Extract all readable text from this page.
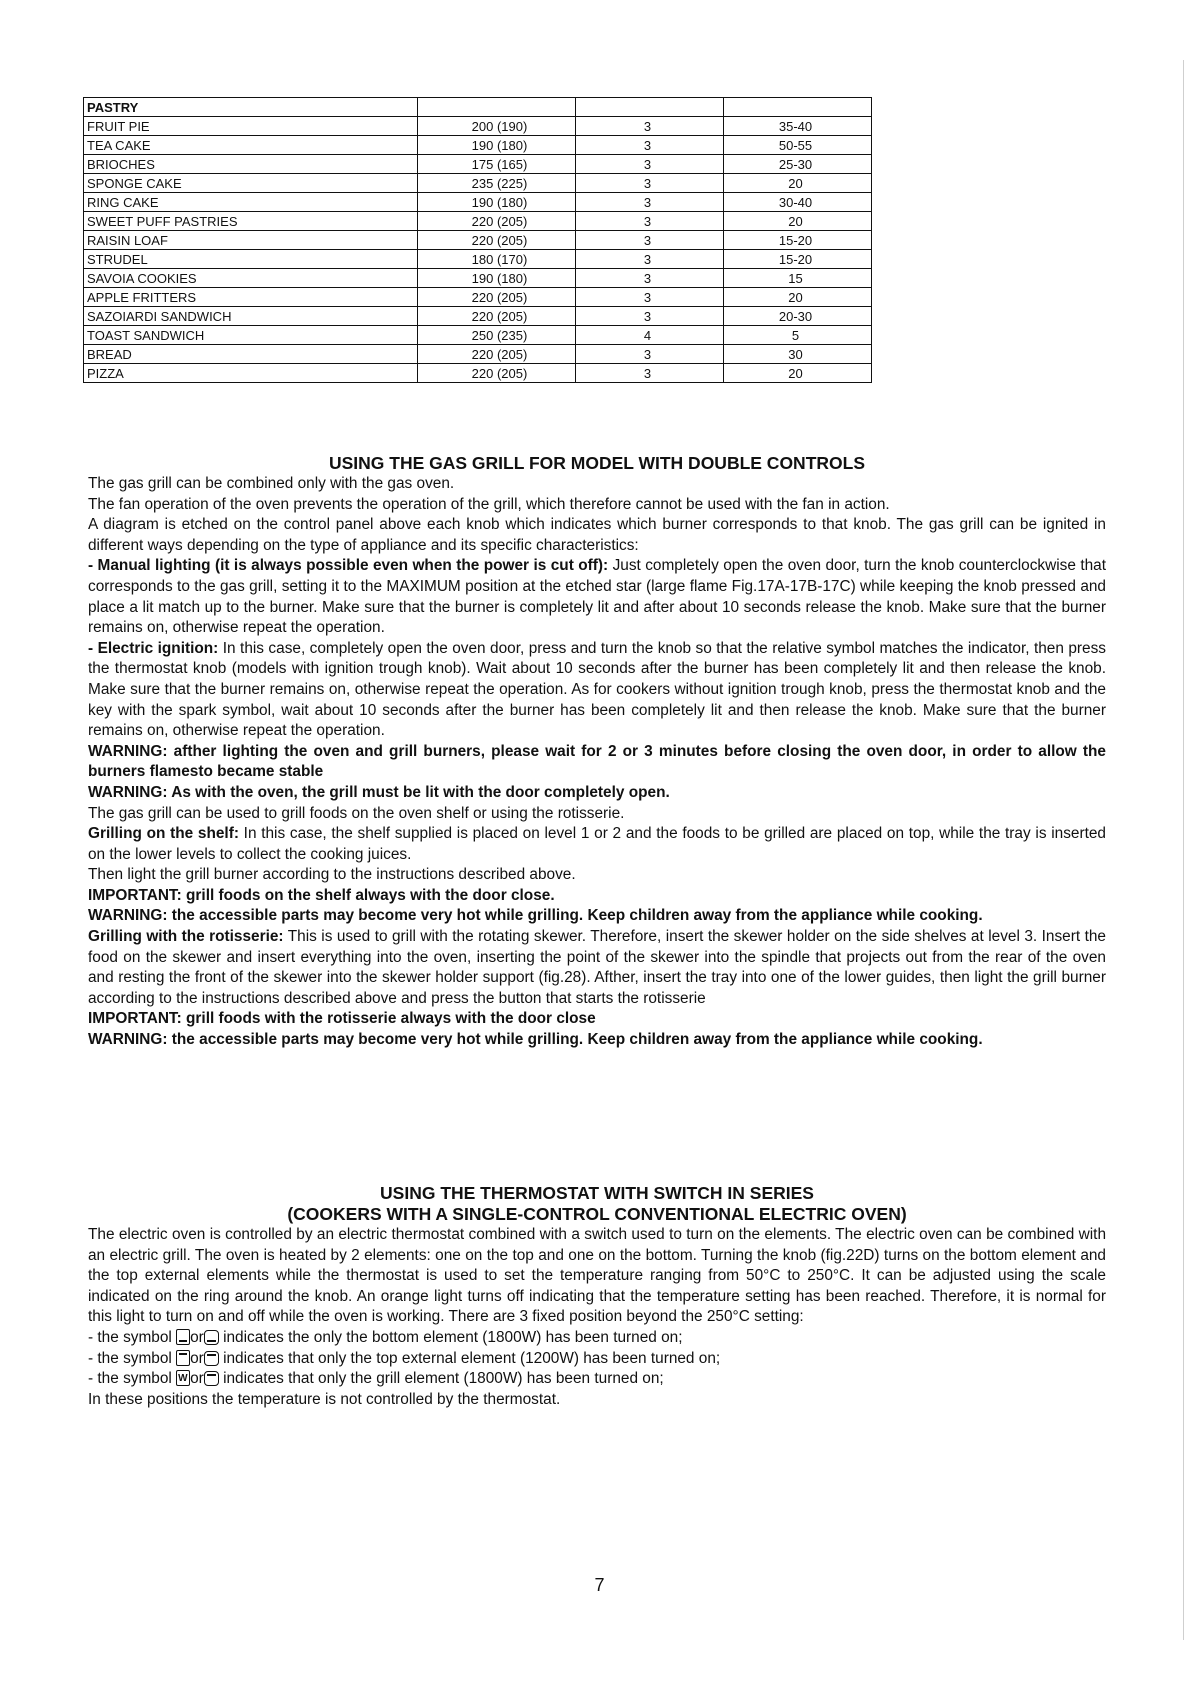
PASTRY			
FRUIT PIE	200 (190)	3	35-40
TEA CAKE	190 (180)	3	50-55
BRIOCHES	175 (165)	3	25-30
SPONGE CAKE	235 (225)	3	20
RING CAKE	190 (180)	3	30-40
SWEET PUFF PASTRIES	220 (205)	3	20
RAISIN LOAF	220 (205)	3	15-20
STRUDEL	180 (170)	3	15-20
SAVOIA COOKIES	190 (180)	3	15
APPLE FRITTERS	220 (205)	3	20
SAZOIARDI SANDWICH	220 (205)	3	20-30
TOAST SANDWICH	250 (235)	4	5
BREAD	220 (205)	3	30
PIZZA	220 (205)	3	20
USING THE GAS GRILL FOR MODEL WITH DOUBLE CONTROLS

The gas grill can be combined only with the gas oven.

The fan operation of the oven prevents the operation of the grill, which therefore cannot be used with the fan in action.

A diagram is etched on the control panel above each knob which indicates which burner corresponds to that knob. The gas grill can be ignited in different ways depending on the type of appliance and its specific characteristics:

- Manual lighting (it is always possible even when the power is cut off): Just completely open the oven door, turn the knob counterclockwise that corresponds to the gas grill, setting it to the MAXIMUM position at the etched star (large flame Fig.17A-17B-17C) while keeping the knob pressed and place a lit match up to the burner. Make sure that the burner is completely lit and after about 10 seconds release the knob. Make sure that the burner remains on, otherwise repeat the operation.

- Electric ignition: In this case, completely open the oven door, press and turn the knob so that the relative symbol matches the indicator, then press the thermostat knob (models with ignition trough knob). Wait about 10 seconds after the burner has been completely lit and then release the knob. Make sure that the burner remains on, otherwise repeat the operation. As for cookers without ignition trough knob, press the thermostat knob and the key with the spark symbol, wait about 10 seconds after the burner has been completely lit and then release the knob. Make sure that the burner remains on, otherwise repeat the operation.

WARNING: afther lighting the oven and grill burners, please wait for 2 or 3 minutes before closing the oven door, in order to allow the burners flamesto became stable

WARNING: As with the oven, the grill must be lit with the door completely open.

The gas grill can be used to grill foods on the oven shelf or using the rotisserie.

Grilling on the shelf: In this case, the shelf supplied is placed on level 1 or 2 and the foods to be grilled are placed on top, while the tray is inserted on the lower levels to collect the cooking juices.

Then light the grill burner according to the instructions described above.

IMPORTANT: grill foods on the shelf always with the door close.

WARNING: the accessible parts may become very hot while grilling. Keep children away from the appliance while cooking.

Grilling with the rotisserie: This is used to grill with the rotating skewer. Therefore, insert the skewer holder on the side shelves at level 3. Insert the food on the skewer and insert everything into the oven, inserting the point of the skewer into the spindle that projects out from the rear of the oven and resting the front of the skewer into the skewer holder support (fig.28). Afther, insert the tray into one of the lower guides, then light the grill burner according to the instructions described above and press the button that starts the rotisserie

IMPORTANT: grill foods with the rotisserie always with the door close

WARNING: the accessible parts may become very hot while grilling. Keep children away from the appliance while cooking.

USING THE THERMOSTAT WITH SWITCH IN SERIES
(COOKERS WITH A SINGLE-CONTROL CONVENTIONAL ELECTRIC OVEN)

The electric oven is controlled by an electric thermostat combined with a switch used to turn on the elements. The electric oven can be combined with an electric grill. The oven is heated by 2 elements: one on the top and one on the bottom. Turning the knob (fig.22D) turns on the bottom element and the top external elements while the thermostat is used to set the temperature ranging from 50°C to 250°C. It can be adjusted using the scale indicated on the ring around the knob. An orange light turns off indicating that the temperature setting has been reached. Therefore, it is normal for this light to turn on and off while the oven is working. There are 3 fixed position beyond the 250°C setting:

- the symbol or indicates the only the bottom element (1800W) has been turned on;

- the symbol or indicates that only the top external element (1200W) has been turned on;

- the symbol W or indicates that only the grill element (1800W) has been turned on;

In these positions the temperature is not controlled by the thermostat.

7
